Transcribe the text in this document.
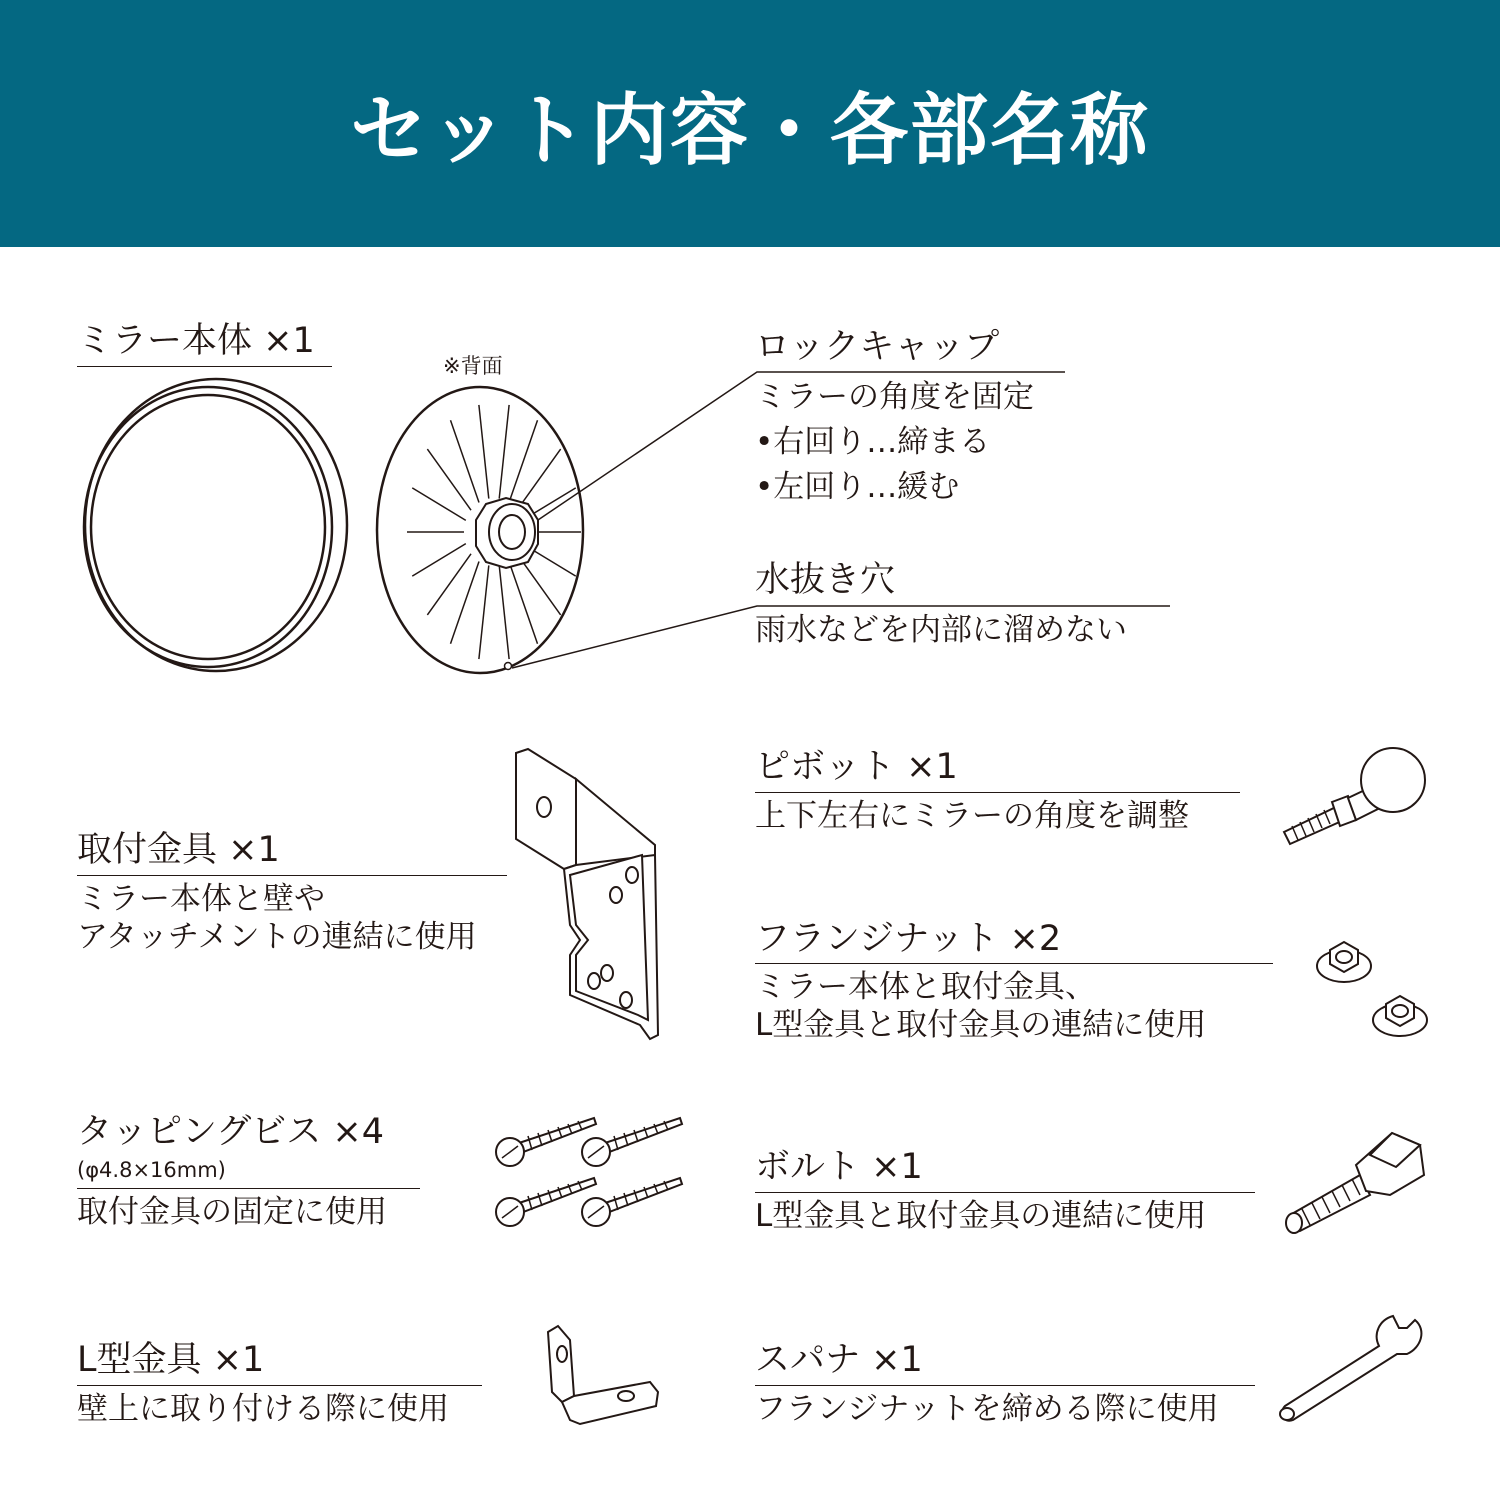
セット内容・各部名称
ミラー本体 ×1
※背面	ロックキャップ
ミラーの角度を固定
•右回り…締まる
•左回り…緩む
水抜き穴
雨水などを内部に溜めない
取付金具 ×1
ミラー本体と壁や
アタッチメントの連結に使用
ピボット ×1
上下左右にミラーの角度を調整
フランジナット ×2
ミラー本体と取付金具、
L型金具と取付金具の連結に使用
タッピングビス ×4
(φ4.8×16mm)
取付金具の固定に使用
ボルト ×1
L型金具と取付金具の連結に使用
L型金具 ×1
壁上に取り付ける際に使用
スパナ ×1
フランジナットを締める際に使用
